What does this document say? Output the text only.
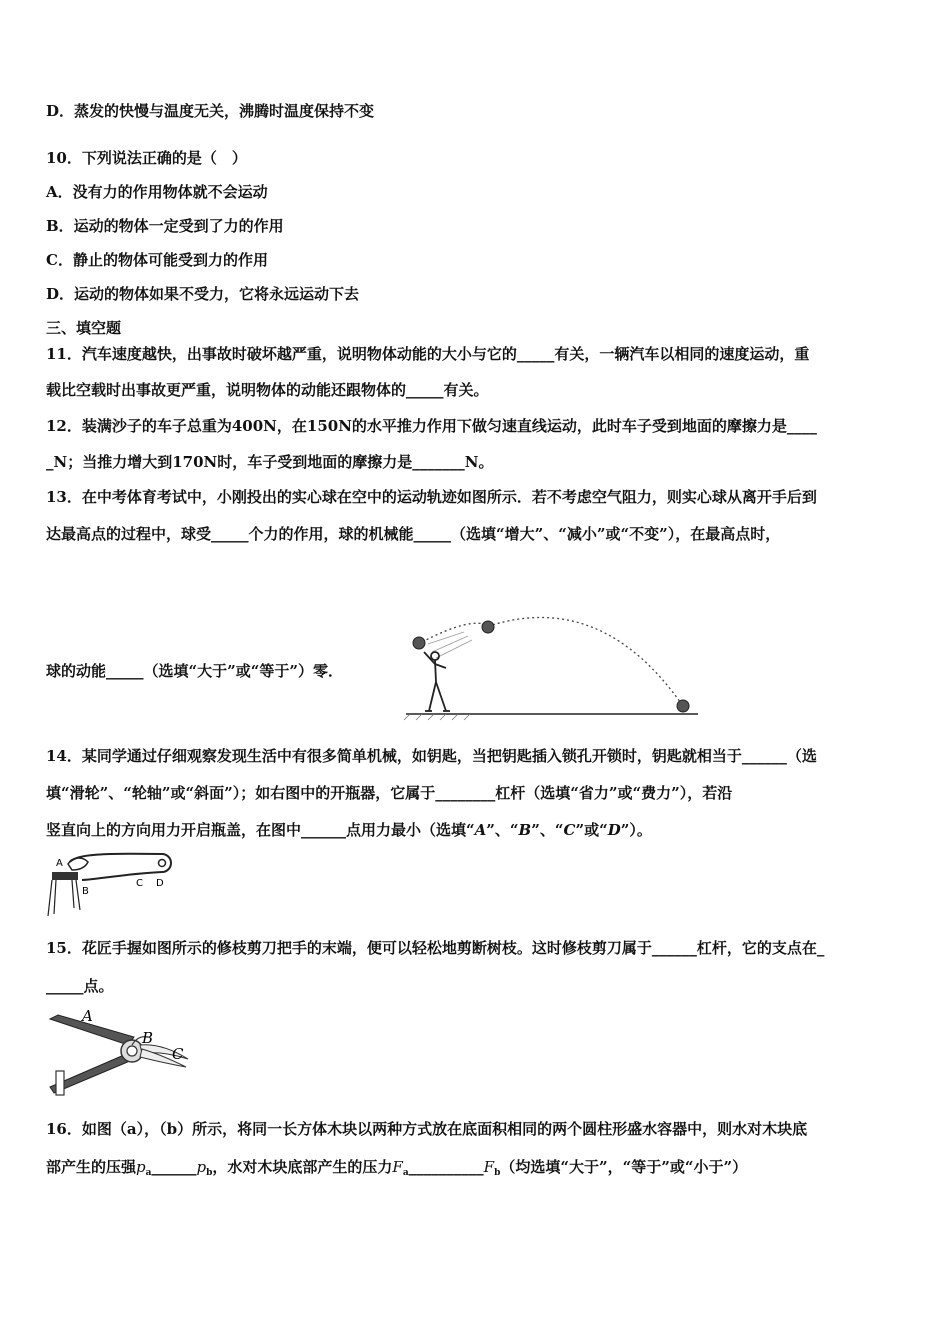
D．蒸发的快慢与温度无关，沸腾时温度保持不变
10．下列说法正确的是（　）
A．没有力的作用物体就不会运动
B．运动的物体一定受到了力的作用
C．静止的物体可能受到力的作用
D．运动的物体如果不受力，它将永远运动下去
三、填空题
11．汽车速度越快，出事故时破坏越严重，说明物体动能的大小与它的_____有关，一辆汽车以相同的速度运动，重
载比空载时出事故更严重，说明物体的动能还跟物体的_____有关。
12．装满沙子的车子总重为400N，在150N的水平推力作用下做匀速直线运动，此时车子受到地面的摩擦力是____
_N；当推力增大到170N时，车子受到地面的摩擦力是_______N。
13．在中考体育考试中，小刚投出的实心球在空中的运动轨迹如图所示．若不考虑空气阻力，则实心球从离开手后到
达最高点的过程中，球受_____个力的作用，球的机械能_____（选填“增大”、“减小”或“不变”），在最高点时，
球的动能_____（选填“大于”或“等于”）零．
14．某同学通过仔细观察发现生活中有很多简单机械，如钥匙，当把钥匙插入锁孔开锁时，钥匙就相当于______（选
填“滑轮”、“轮轴”或“斜面”）；如右图中的开瓶器，它属于________杠杆（选填“省力”或“费力”），若沿
竖直向上的方向用力开启瓶盖，在图中______点用力最小（选填“A”、“B”、“C”或“D”）。
A
B
C D
15．花匠手握如图所示的修枝剪刀把手的末端，便可以轻松地剪断树枝。这时修枝剪刀属于______杠杆，它的支点在_
_____点。
A
B
C
16．如图（a），（b）所示，将同一长方体木块以两种方式放在底面积相同的两个圆柱形盛水容器中，则水对木块底
部产生的压强$p_a\_\_\_\_\_\_p_b$，水对木块底部产生的压力$F_a\_\_\_\_\_\_\_\_\_\_F_b$（均选填“大于”，“等于”或“小于”）
